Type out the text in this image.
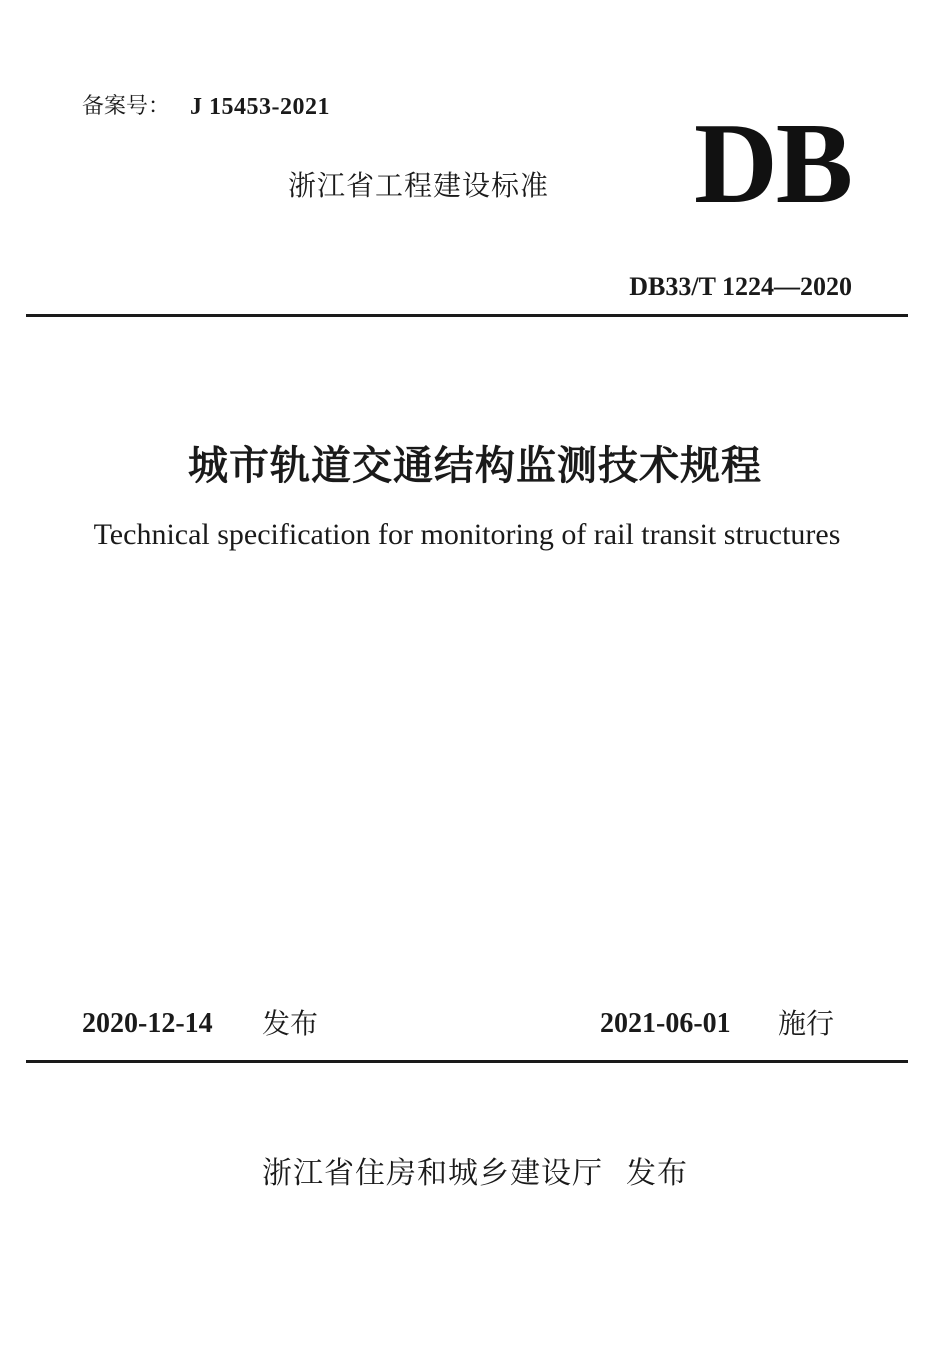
备案号： J 15453-2021
浙江省工程建设标准 DB
DB33/T 1224—2020
城市轨道交通结构监测技术规程
Technical specification for monitoring of rail transit structures
2020-12-14 发布	2021-06-01 施行
浙江省住房和城乡建设厅 发布
